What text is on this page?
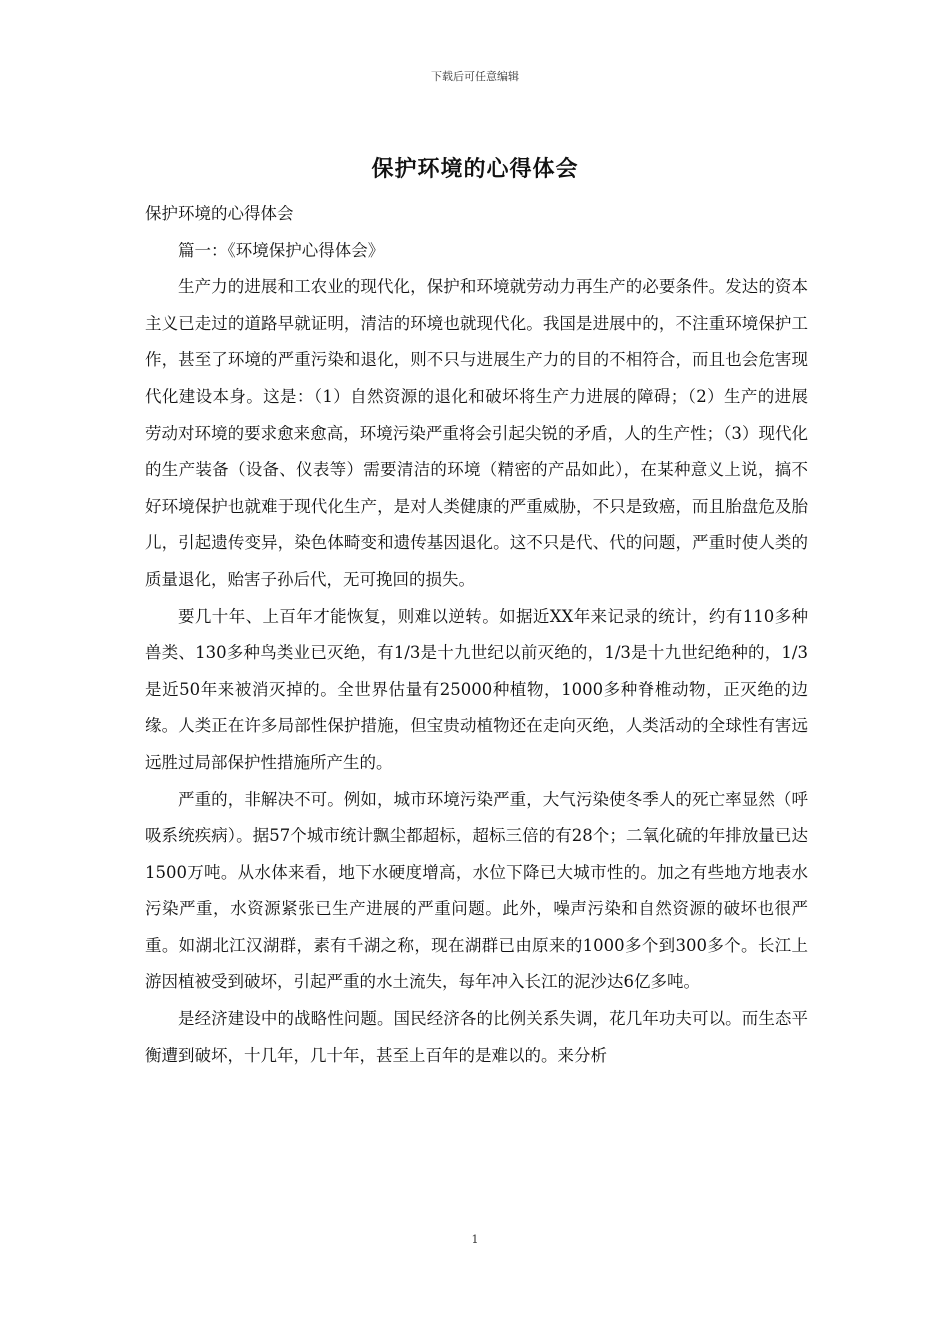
下载后可任意编辑
保护环境的心得体会

保护环境的心得体会

篇一：《环境保护心得体会》

生产力的进展和工农业的现代化，保护和环境就劳动力再生产的必要条件。发达的资本主义已走过的道路早就证明，清洁的环境也就现代化。我国是进展中的，不注重环境保护工作，甚至了环境的严重污染和退化，则不只与进展生产力的目的不相符合，而且也会危害现代化建设本身。这是：（1）自然资源的退化和破坏将生产力进展的障碍；（2）生产的进展劳动对环境的要求愈来愈高，环境污染严重将会引起尖锐的矛盾，人的生产性；（3）现代化的生产装备（设备、仪表等）需要清洁的环境（精密的产品如此），在某种意义上说，搞不好环境保护也就难于现代化生产，是对人类健康的严重威胁，不只是致癌，而且胎盘危及胎儿，引起遗传变异，染色体畸变和遗传基因退化。这不只是代、代的问题，严重时使人类的质量退化，贻害子孙后代，无可挽回的损失。

要几十年、上百年才能恢复，则难以逆转。如据近XX年来记录的统计，约有110多种兽类、130多种鸟类业已灭绝，有1/3是十九世纪以前灭绝的，1/3是十九世纪绝种的，1/3是近50年来被消灭掉的。全世界估量有25000种植物，1000多种脊椎动物，正灭绝的边缘。人类正在许多局部性保护措施，但宝贵动植物还在走向灭绝，人类活动的全球性有害远远胜过局部保护性措施所产生的。

严重的，非解决不可。例如，城市环境污染严重，大气污染使冬季人的死亡率显然（呼吸系统疾病）。据57个城市统计飘尘都超标，超标三倍的有28个；二氧化硫的年排放量已达1500万吨。从水体来看，地下水硬度增高，水位下降已大城市性的。加之有些地方地表水污染严重，水资源紧张已生产进展的严重问题。此外，噪声污染和自然资源的破坏也很严重。如湖北江汉湖群，素有千湖之称，现在湖群已由原来的1000多个到300多个。长江上游因植被受到破坏，引起严重的水土流失，每年冲入长江的泥沙达6亿多吨。

是经济建设中的战略性问题。国民经济各的比例关系失调，花几年功夫可以。而生态平衡遭到破坏，十几年，几十年，甚至上百年的是难以的。来分析

1
